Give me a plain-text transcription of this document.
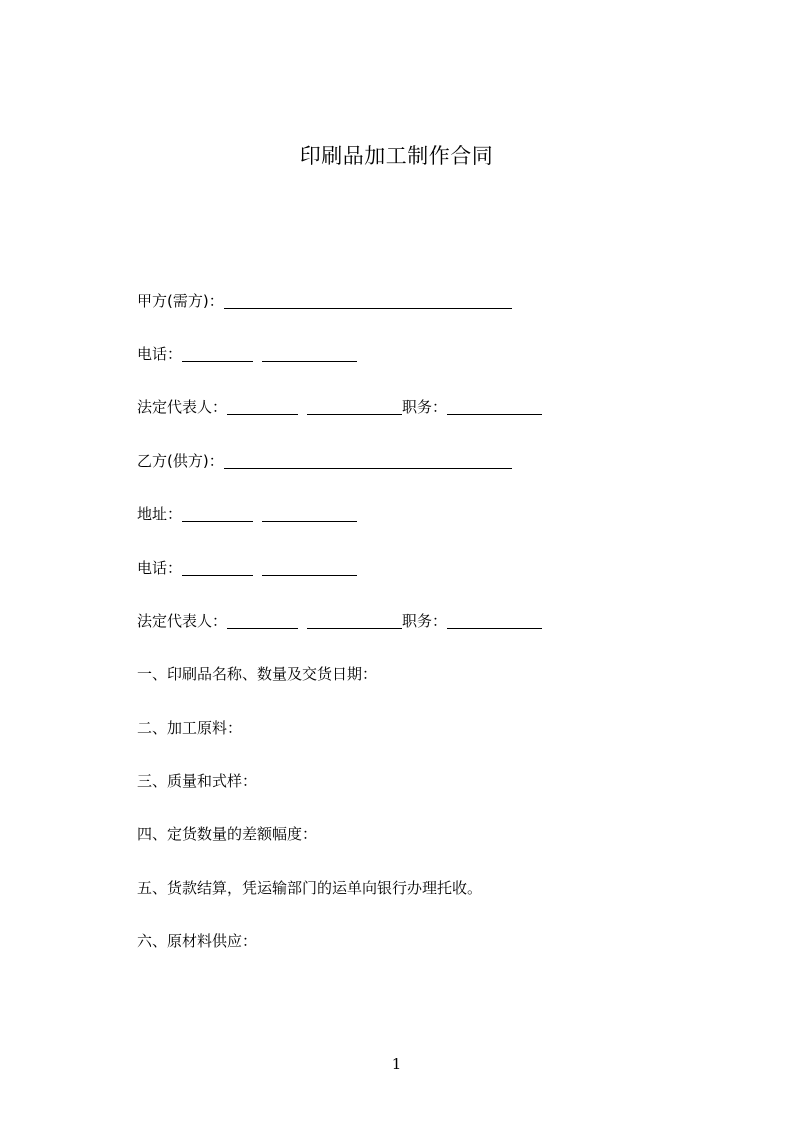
印刷品加工制作合同
甲方(需方)：
电话：
法定代表人：	职务：
乙方(供方)：
地址：
电话：
法定代表人：	职务：
一、印刷品名称、数量及交货日期：
二、加工原料：
三、质量和式样：
四、定货数量的差额幅度：
五、货款结算，凭运输部门的运单向银行办理托收。
六、原材料供应：
1
